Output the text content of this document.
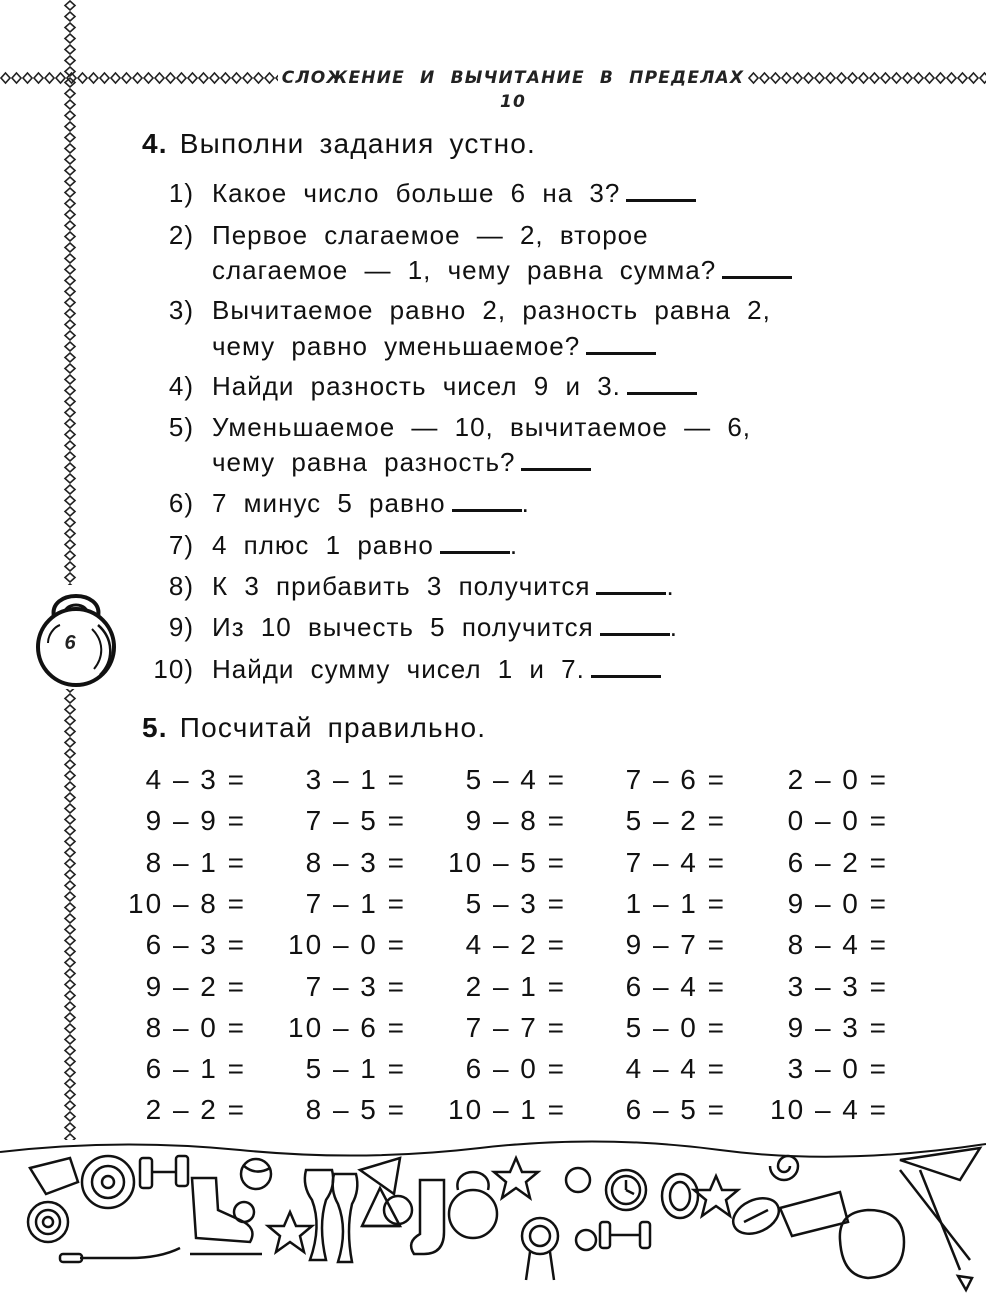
СЛОЖЕНИЕ И ВЫЧИТАНИЕ В ПРЕДЕЛАХ 10
6
4. Выполни задания устно.
1) Какое число больше 6 на 3?
2) Первое слагаемое — 2, второе
слагаемое — 1, чему равна сумма?
3) Вычитаемое равно 2, разность равна 2,
чему равно уменьшаемое?
4) Найди разность чисел 9 и 3.
5) Уменьшаемое — 10, вычитаемое — 6,
чему равна разность?
6) 7 минус 5 равно	.
7) 4 плюс 1 равно	.
8) К 3 прибавить 3 получится	.
9) Из 10 вычесть 5 получится	.
10) Найди сумму чисел 1 и 7.
5. Посчитай правильно.
4 – 3 =	3 – 1 =	5 – 4 =	7 – 6 =	2 – 0 =
9 – 9 =	7 – 5 =	9 – 8 =	5 – 2 =	0 – 0 =
8 – 1 =	8 – 3 =	10 – 5 =	7 – 4 =	6 – 2 =
10 – 8 =	7 – 1 =	5 – 3 =	1 – 1 =	9 – 0 =
6 – 3 =	10 – 0 =	4 – 2 =	9 – 7 =	8 – 4 =
9 – 2 =	7 – 3 =	2 – 1 =	6 – 4 =	3 – 3 =
8 – 0 =	10 – 6 =	7 – 7 =	5 – 0 =	9 – 3 =
6 – 1 =	5 – 1 =	6 – 0 =	4 – 4 =	3 – 0 =
2 – 2 =	8 – 5 =	10 – 1 =	6 – 5 =	10 – 4 =
